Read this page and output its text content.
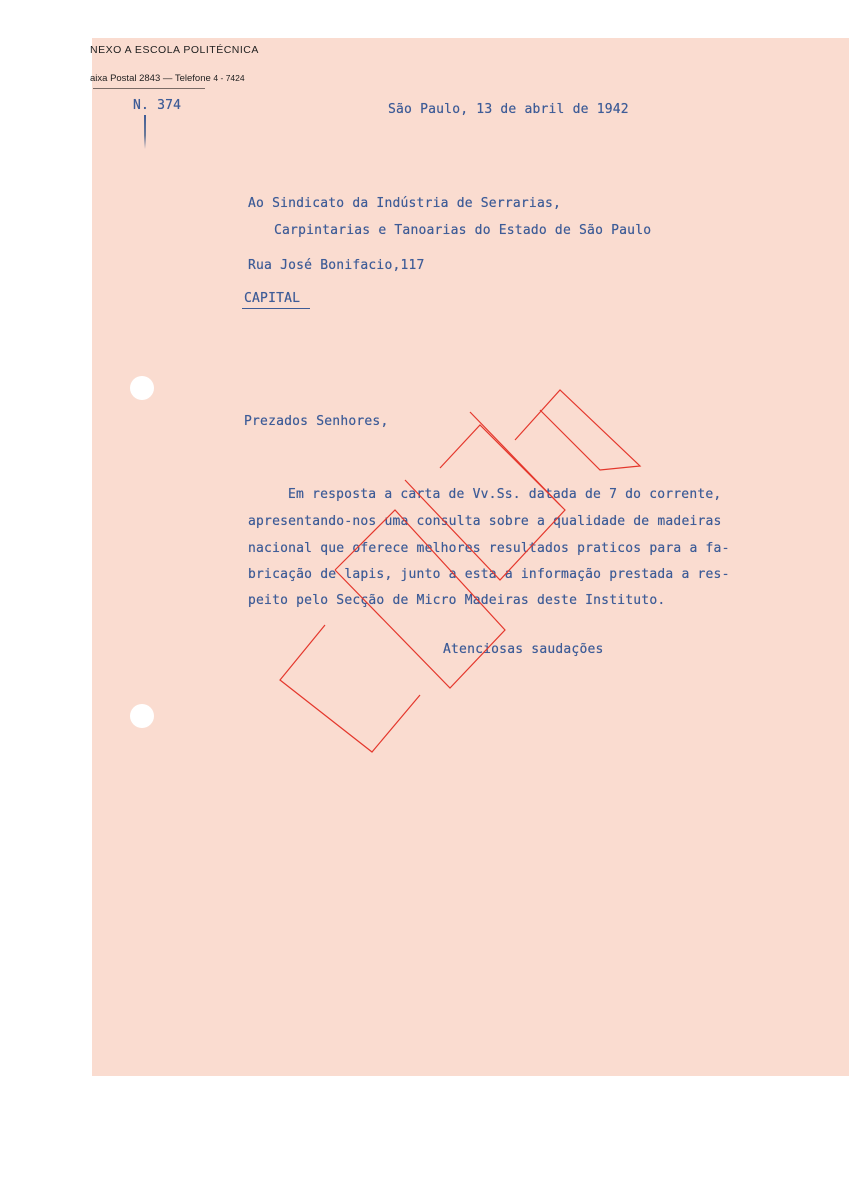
NEXO A ESCOLA POLITÉCNICA
aixa Postal 2843 — Telefone 4 - 7424
N. 374	São Paulo, 13 de abril de 1942
Ao Sindicato da Indústria de Serrarias,
Carpintarias e Tanoarias do Estado de São Paulo
Rua José Bonifacio,117
CAPITAL
Prezados Senhores,
Em resposta a carta de Vv.Ss. datada de 7 do corrente,
apresentando-nos uma consulta sobre a qualidade de madeiras
nacional que oferece melhores resultados praticos para a fa-
bricação de lapis, junto a esta a informação prestada a res-
peito pelo Secção de Micro Madeiras deste Instituto.
Atenciosas saudações
